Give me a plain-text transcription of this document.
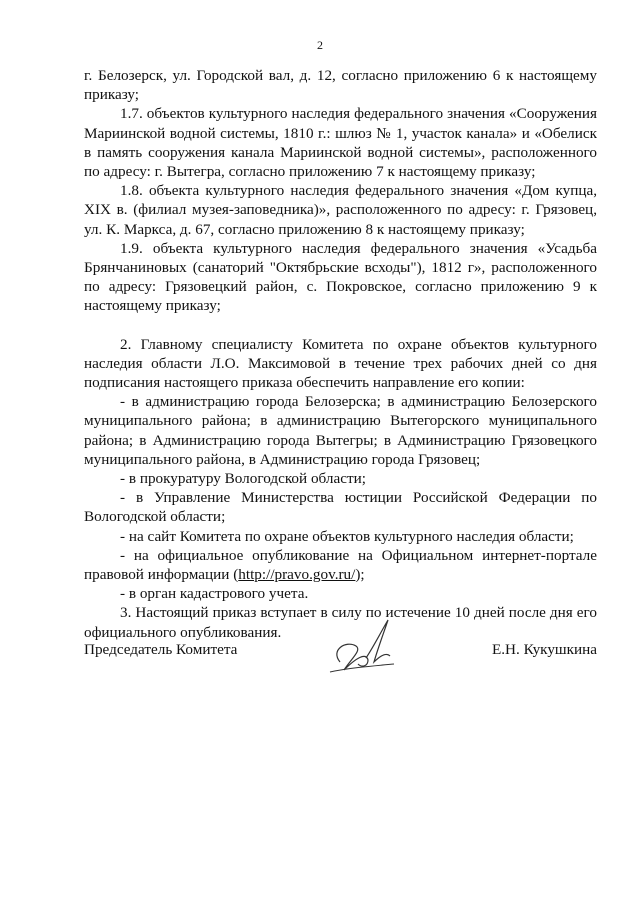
2

г. Белозерск, ул. Городской вал, д. 12, согласно приложению 6 к настоящему приказу;

1.7. объектов культурного наследия федерального значения «Сооружения Мариинской водной системы, 1810 г.: шлюз № 1, участок канала» и «Обелиск в память сооружения канала Мариинской водной системы», расположенного по адресу: г. Вытегра, согласно приложению 7 к настоящему приказу;

1.8. объекта культурного наследия федерального значения «Дом купца, XIX в. (филиал музея-заповедника)», расположенного по адресу: г. Грязовец, ул. К. Маркса, д. 67, согласно приложению 8 к настоящему приказу;

1.9. объекта культурного наследия федерального значения «Усадьба Брянчаниновых (санаторий "Октябрьские всходы"), 1812 г», расположенного по адресу: Грязовецкий район, с. Покровское, согласно приложению 9 к настоящему приказу;

2. Главному специалисту Комитета по охране объектов культурного наследия области Л.О. Максимовой в течение трех рабочих дней со дня подписания настоящего приказа обеспечить направление его копии:

- в администрацию города Белозерска; в администрацию Белозерского муниципального района; в администрацию Вытегорского муниципального района; в Администрацию города Вытегры; в Администрацию Грязовецкого муниципального района, в Администрацию города Грязовец;

- в прокуратуру Вологодской области;

- в Управление Министерства юстиции Российской Федерации по Вологодской области;

- на сайт Комитета по охране объектов культурного наследия области;

- на официальное опубликование на Официальном интернет-портале правовой информации (http://pravo.gov.ru/);

- в орган кадастрового учета.

3. Настоящий приказ вступает в силу по истечение 10 дней после дня его официального опубликования.

Председатель Комитета	Е.Н. Кукушкина
